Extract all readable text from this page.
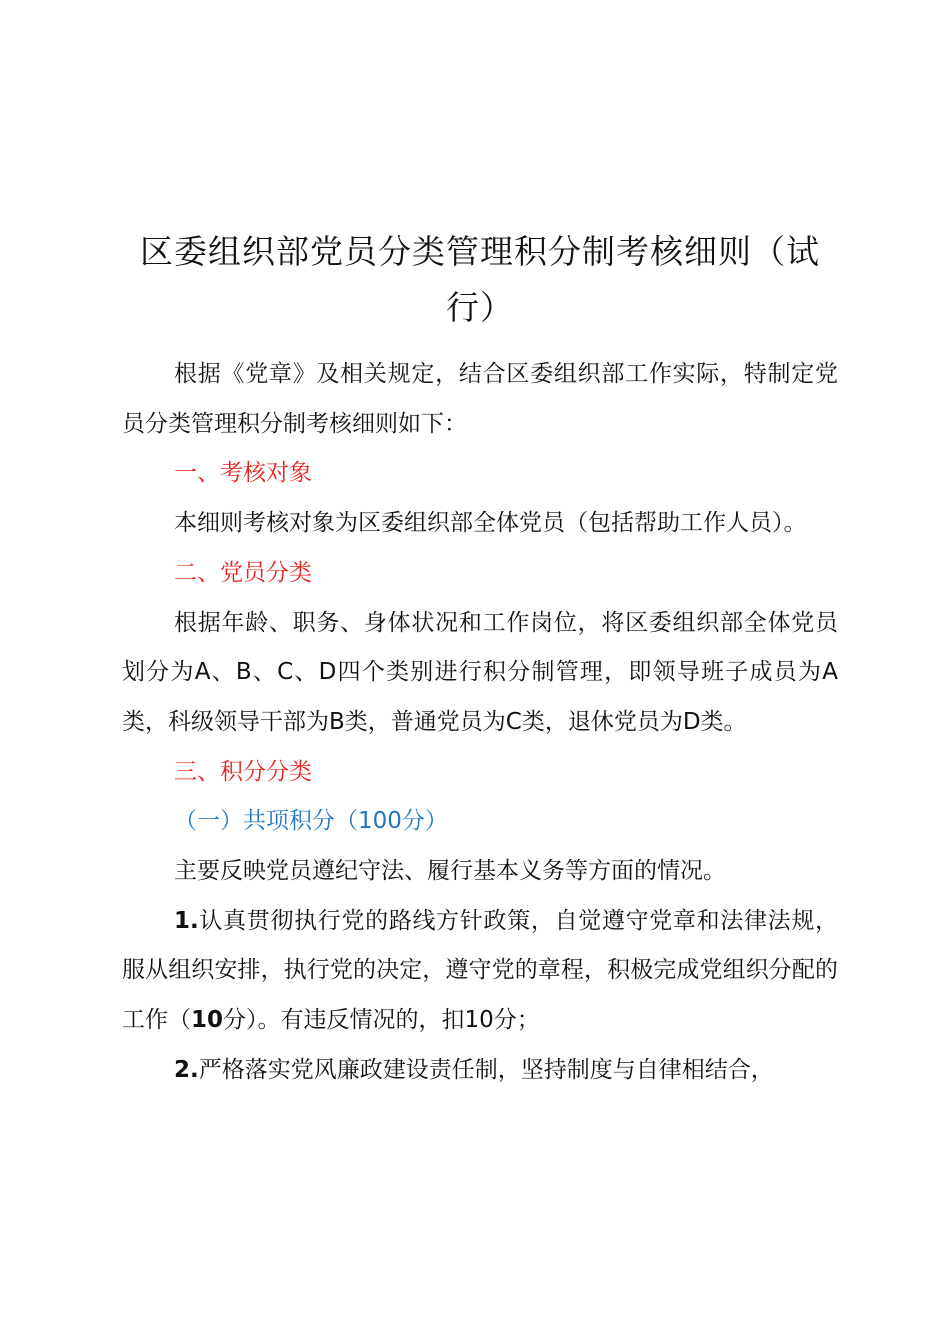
区委组织部党员分类管理积分制考核细则（试行）

根据《党章》及相关规定，结合区委组织部工作实际，特制定党员分类管理积分制考核细则如下：

一、考核对象

本细则考核对象为区委组织部全体党员（包括帮助工作人员）。

二、党员分类

根据年龄、职务、身体状况和工作岗位，将区委组织部全体党员划分为A、B、C、D四个类别进行积分制管理，即领导班子成员为A类，科级领导干部为B类，普通党员为C类，退休党员为D类。

三、积分分类

（一）共项积分（100分）

主要反映党员遵纪守法、履行基本义务等方面的情况。

1.认真贯彻执行党的路线方针政策，自觉遵守党章和法律法规，服从组织安排，执行党的决定，遵守党的章程，积极完成党组织分配的工作（10分）。有违反情况的，扣10分；

2.严格落实党风廉政建设责任制，坚持制度与自律相结合，
